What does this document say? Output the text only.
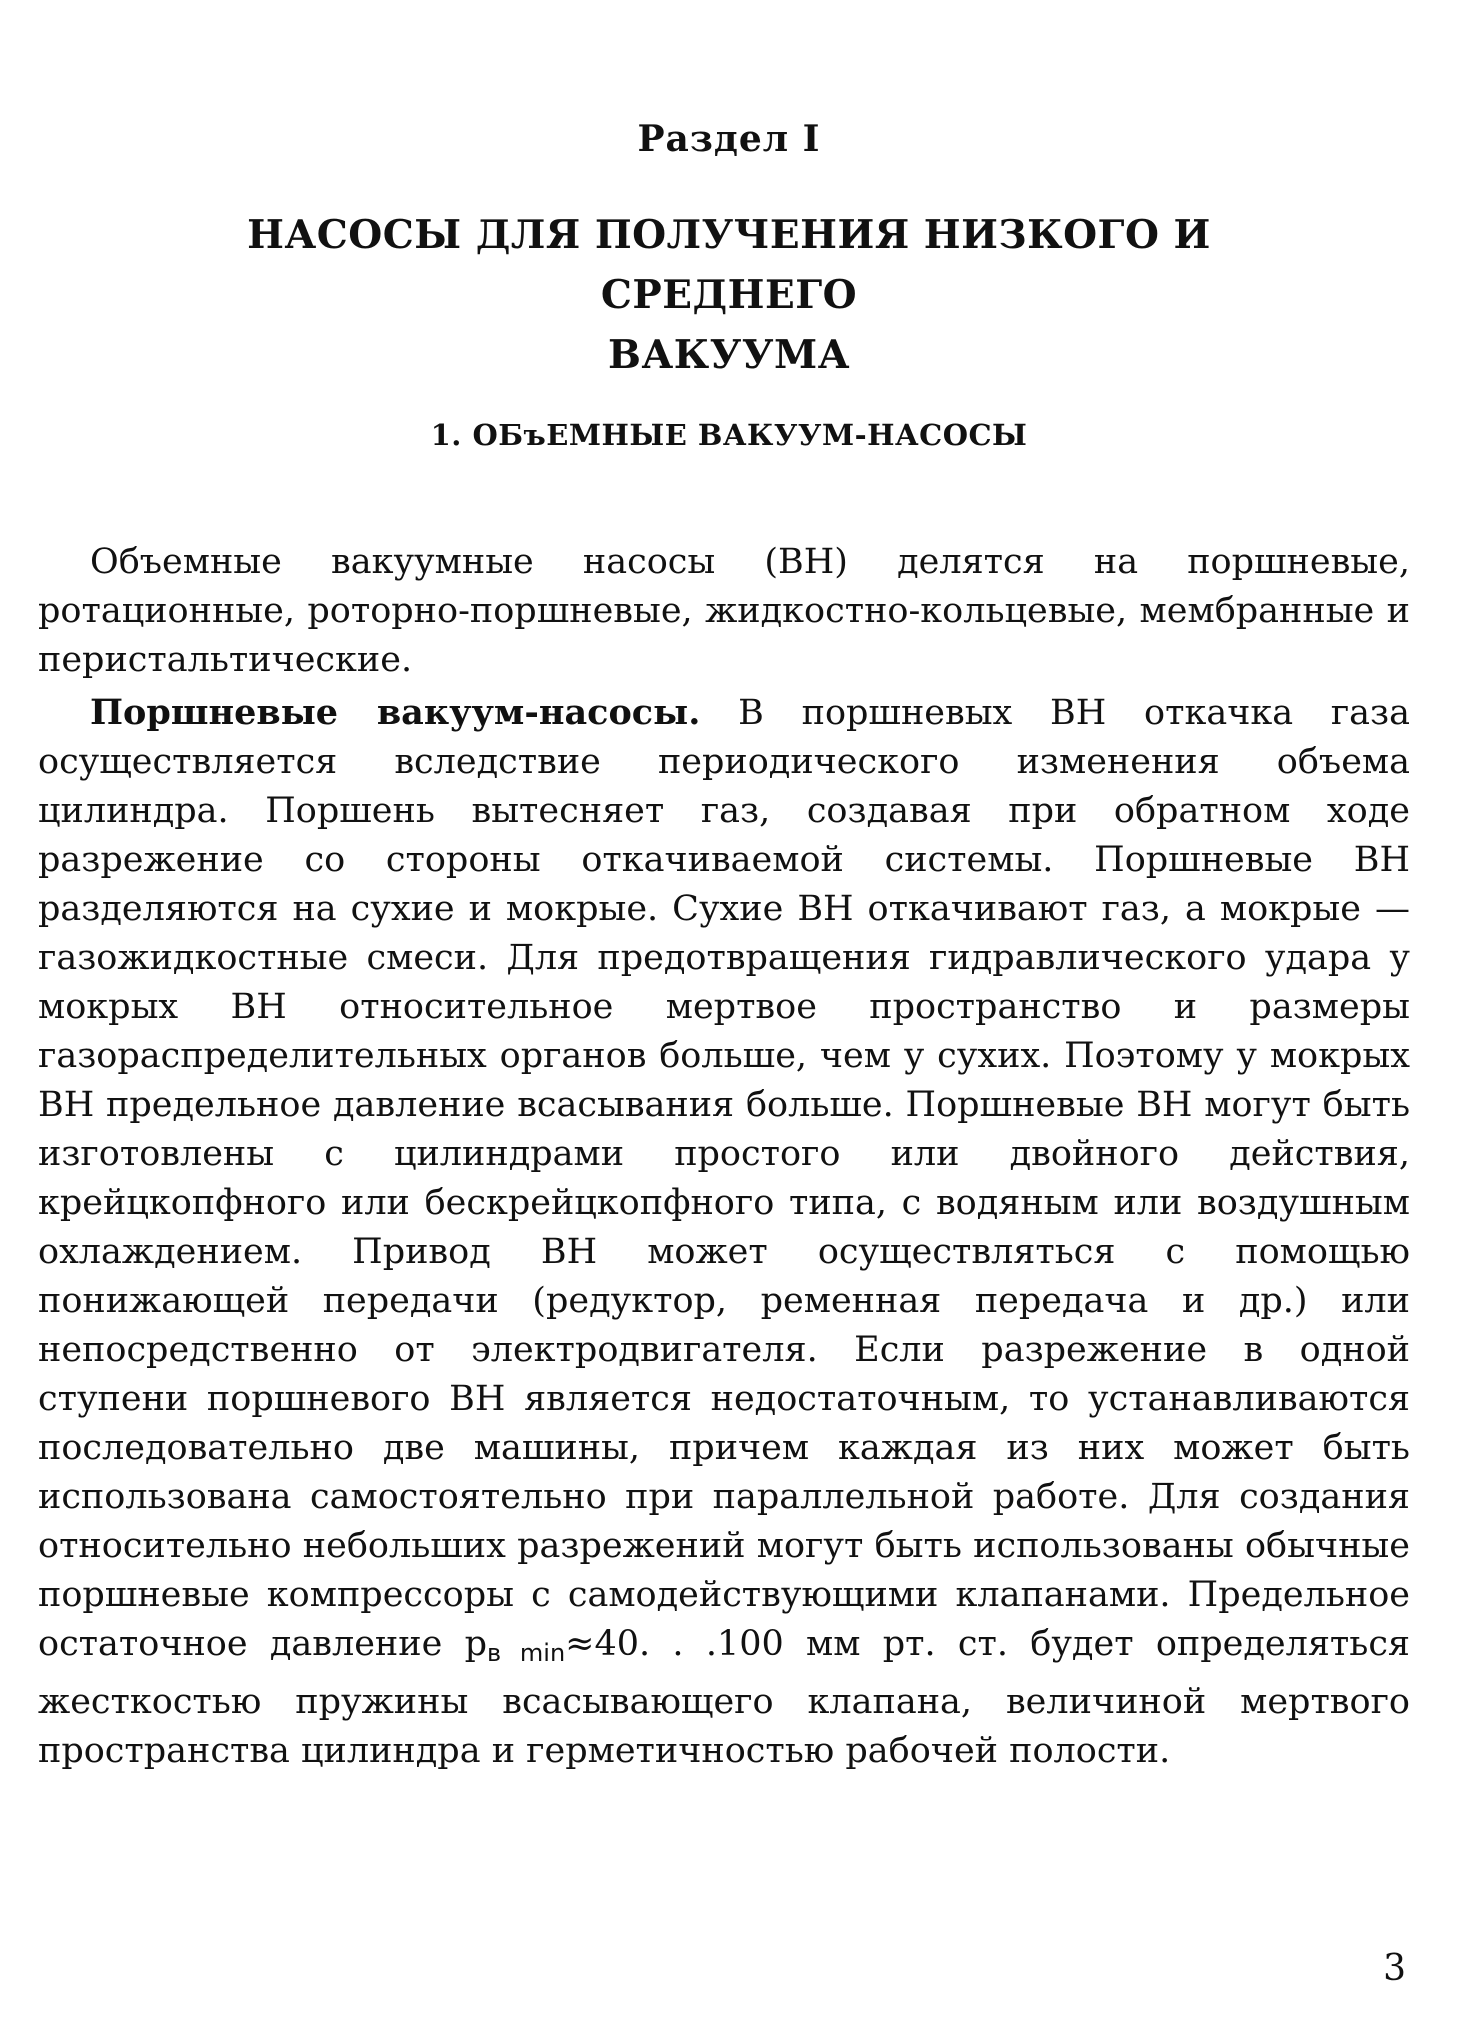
Раздел I
НАСОСЫ ДЛЯ ПОЛУЧЕНИЯ НИЗКОГО И СРЕДНЕГО
ВАКУУМА
1. ОБъЕМНЫЕ ВАКУУМ-НАСОСЫ

Объемные вакуумные насосы (ВН) делятся на поршневые, ротационные, роторно-поршневые, жидкостно-кольцевые, мембранные и перистальтические.

Поршневые вакуум-насосы. В поршневых ВН откачка газа осуществляется вследствие периодического изменения объема цилиндра. Поршень вытесняет газ, создавая при обратном ходе разрежение со стороны откачиваемой системы. Поршневые ВН разделяются на сухие и мокрые. Сухие ВН откачивают газ, а мокрые — газожидкостные смеси. Для предотвращения гидравлического удара у мокрых ВН относительное мертвое пространство и размеры газораспределительных органов больше, чем у сухих. Поэтому у мокрых ВН предельное давление всасывания больше. Поршневые ВН могут быть изготовлены с цилиндрами простого или двойного действия, крейцкопфного или бескрейцкопфного типа, с водяным или воздушным охлаждением. Привод ВН может осуществляться с помощью понижающей передачи (редуктор, ременная передача и др.) или непосредственно от электродвигателя. Если разрежение в одной ступени поршневого ВН является недостаточным, то устанавливаются последовательно две машины, причем каждая из них может быть использована самостоятельно при параллельной работе. Для создания относительно небольших разрежений могут быть использованы обычные поршневые компрессоры с самодействующими клапанами. Предельное остаточное давление $p_{в min}\approx 40$. . .100 мм рт. ст. будет определяться жесткостью пружины всасывающего клапана, величиной мертвого пространства цилиндра и герметичностью рабочей полости.

3
